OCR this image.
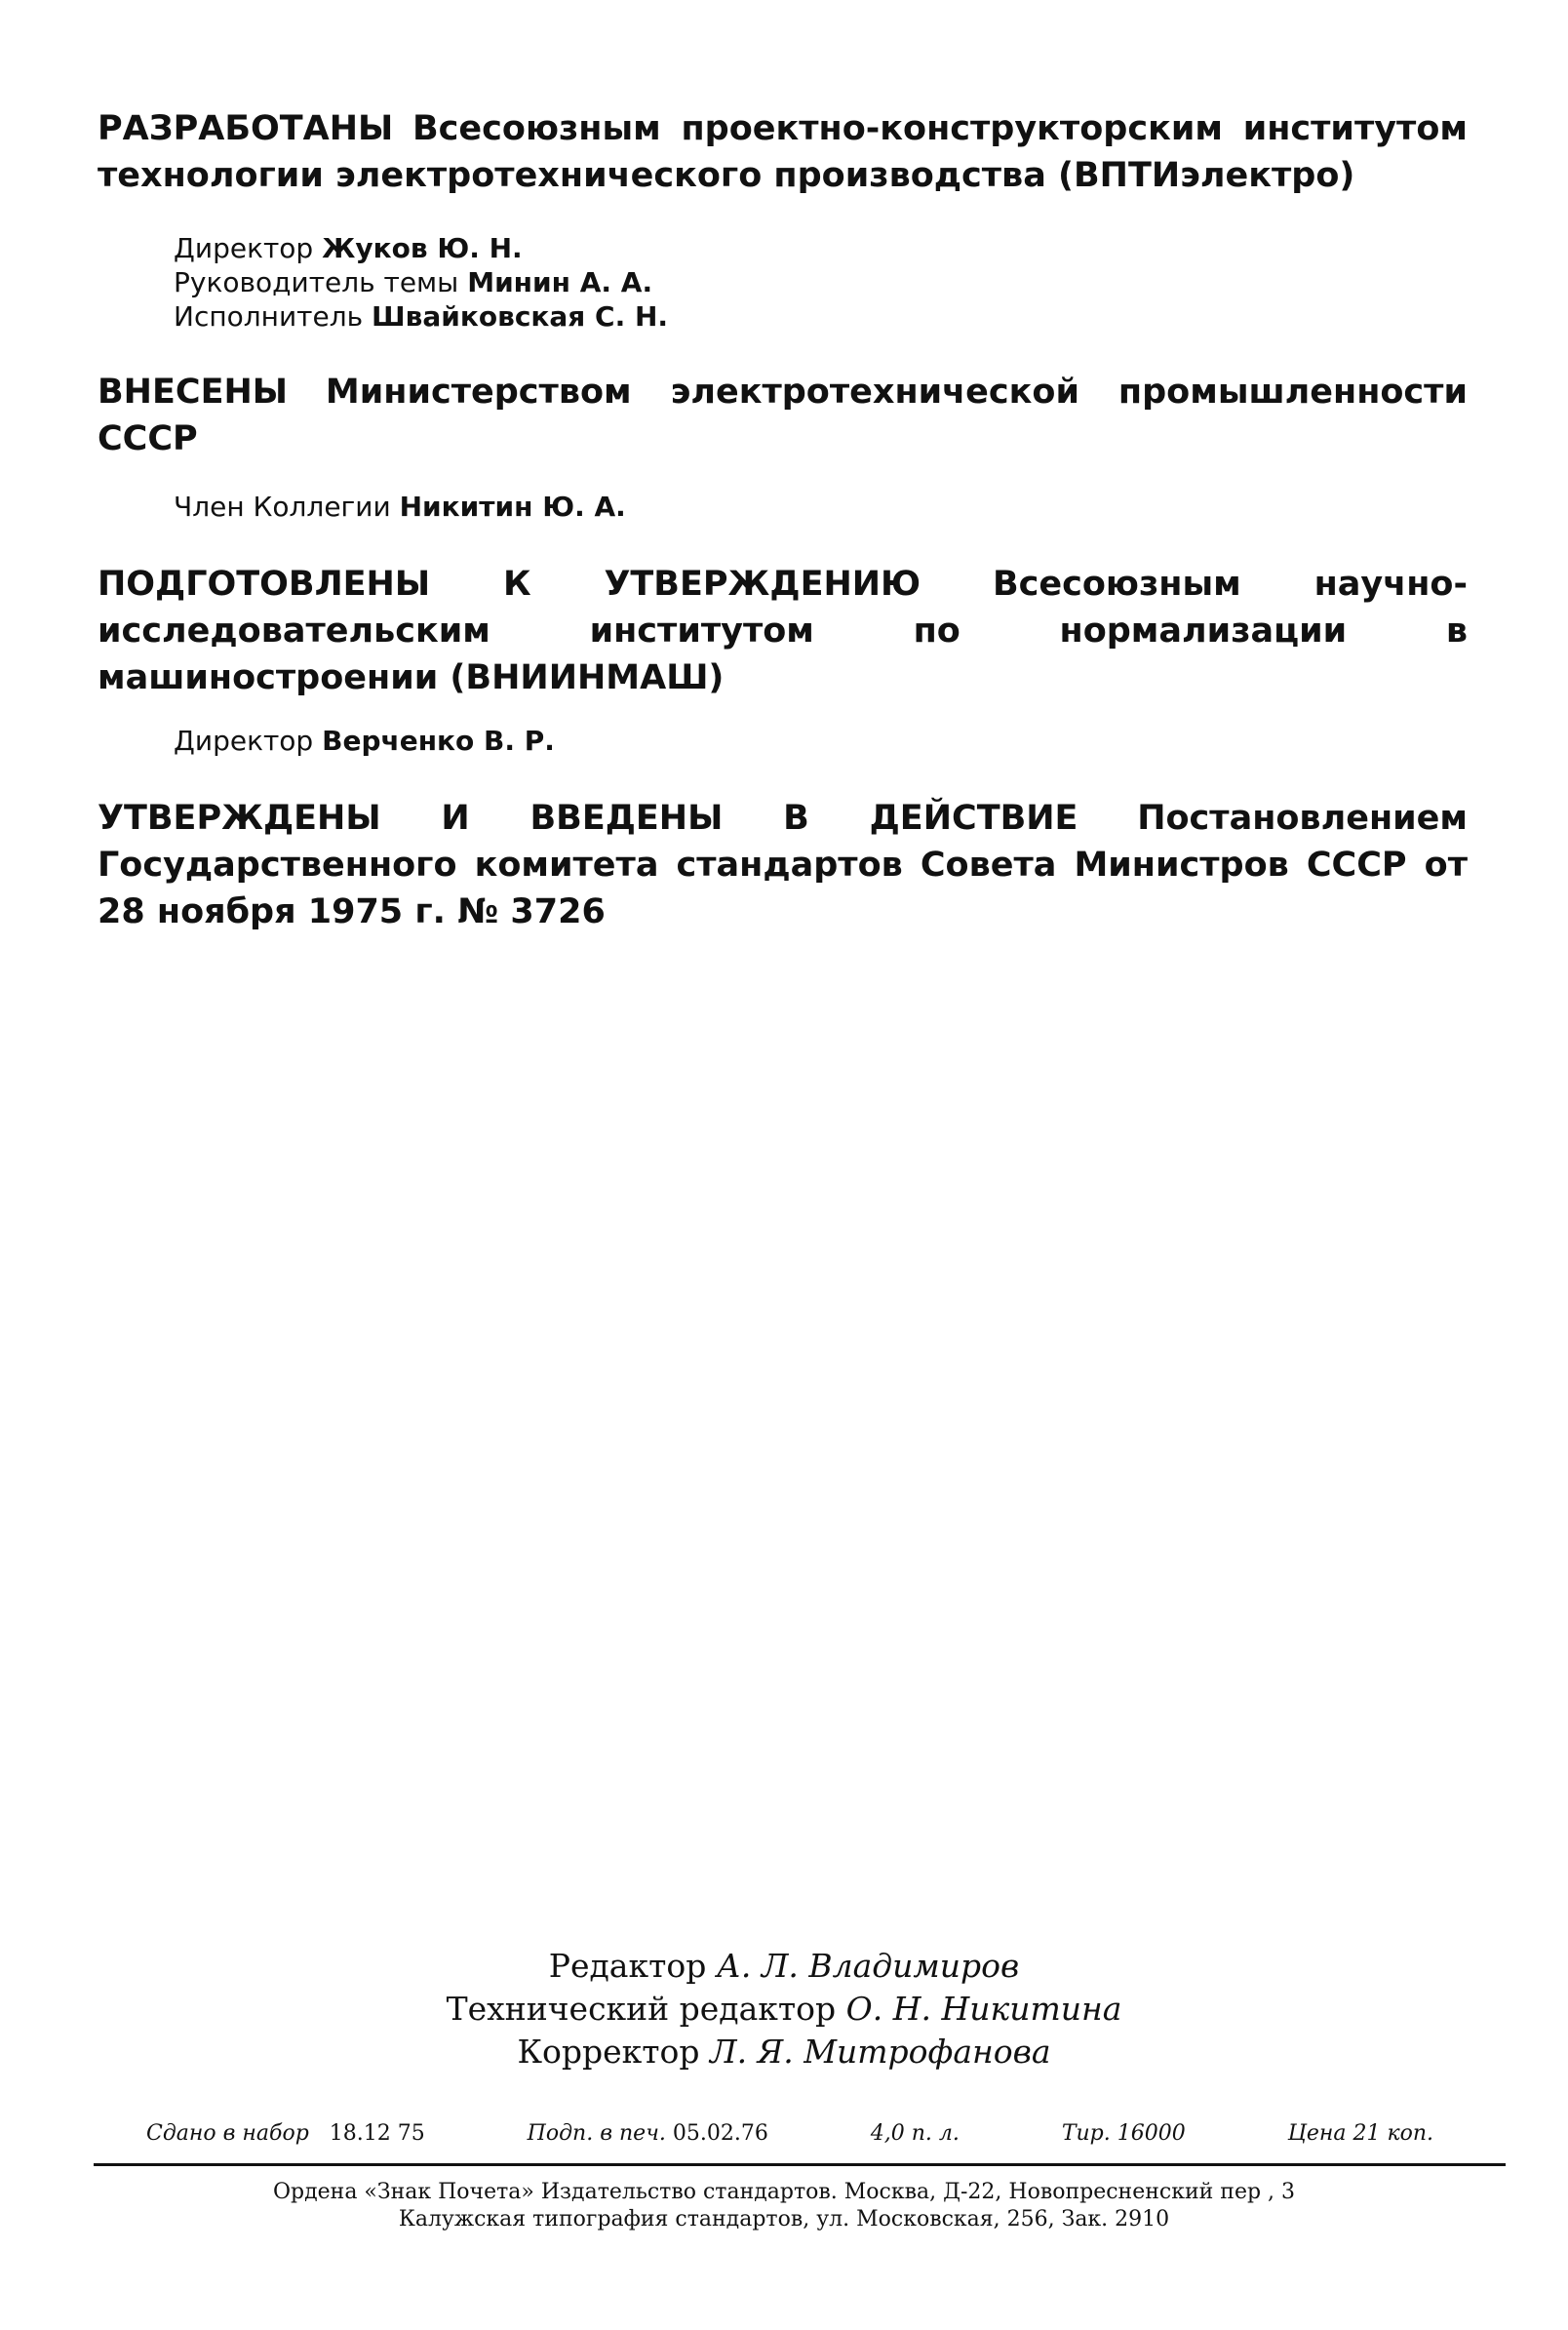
РАЗРАБОТАНЫ Всесоюзным проектно-конструкторским институтом технологии электротехнического производства (ВПТИэлектро)

Директор Жуков Ю. Н.
Руководитель темы Минин А. А.
Исполнитель Швайковская С. Н.

ВНЕСЕНЫ Министерством электротехнической промышленности СССР

Член Коллегии Никитин Ю. А.

ПОДГОТОВЛЕНЫ К УТВЕРЖДЕНИЮ Всесоюзным научно-исследовательским институтом по нормализации в машиностроении (ВНИИНМАШ)

Директор Верченко В. Р.

УТВЕРЖДЕНЫ И ВВЕДЕНЫ В ДЕЙСТВИЕ Постановлением Государственного комитета стандартов Совета Министров СССР от 28 ноября 1975 г. № 3726

Редактор А. Л. Владимиров
Технический редактор О. Н. Никитина
Корректор Л. Я. Митрофанова
Сдано в набор 18.12 75	Подп. в печ. 05.02.76	4,0 п. л.	Тир. 16000	Цена 21 коп.
Ордена «Знак Почета» Издательство стандартов. Москва, Д-22, Новопресненский пер , 3
Калужская типография стандартов, ул. Московская, 256, Зак. 2910
